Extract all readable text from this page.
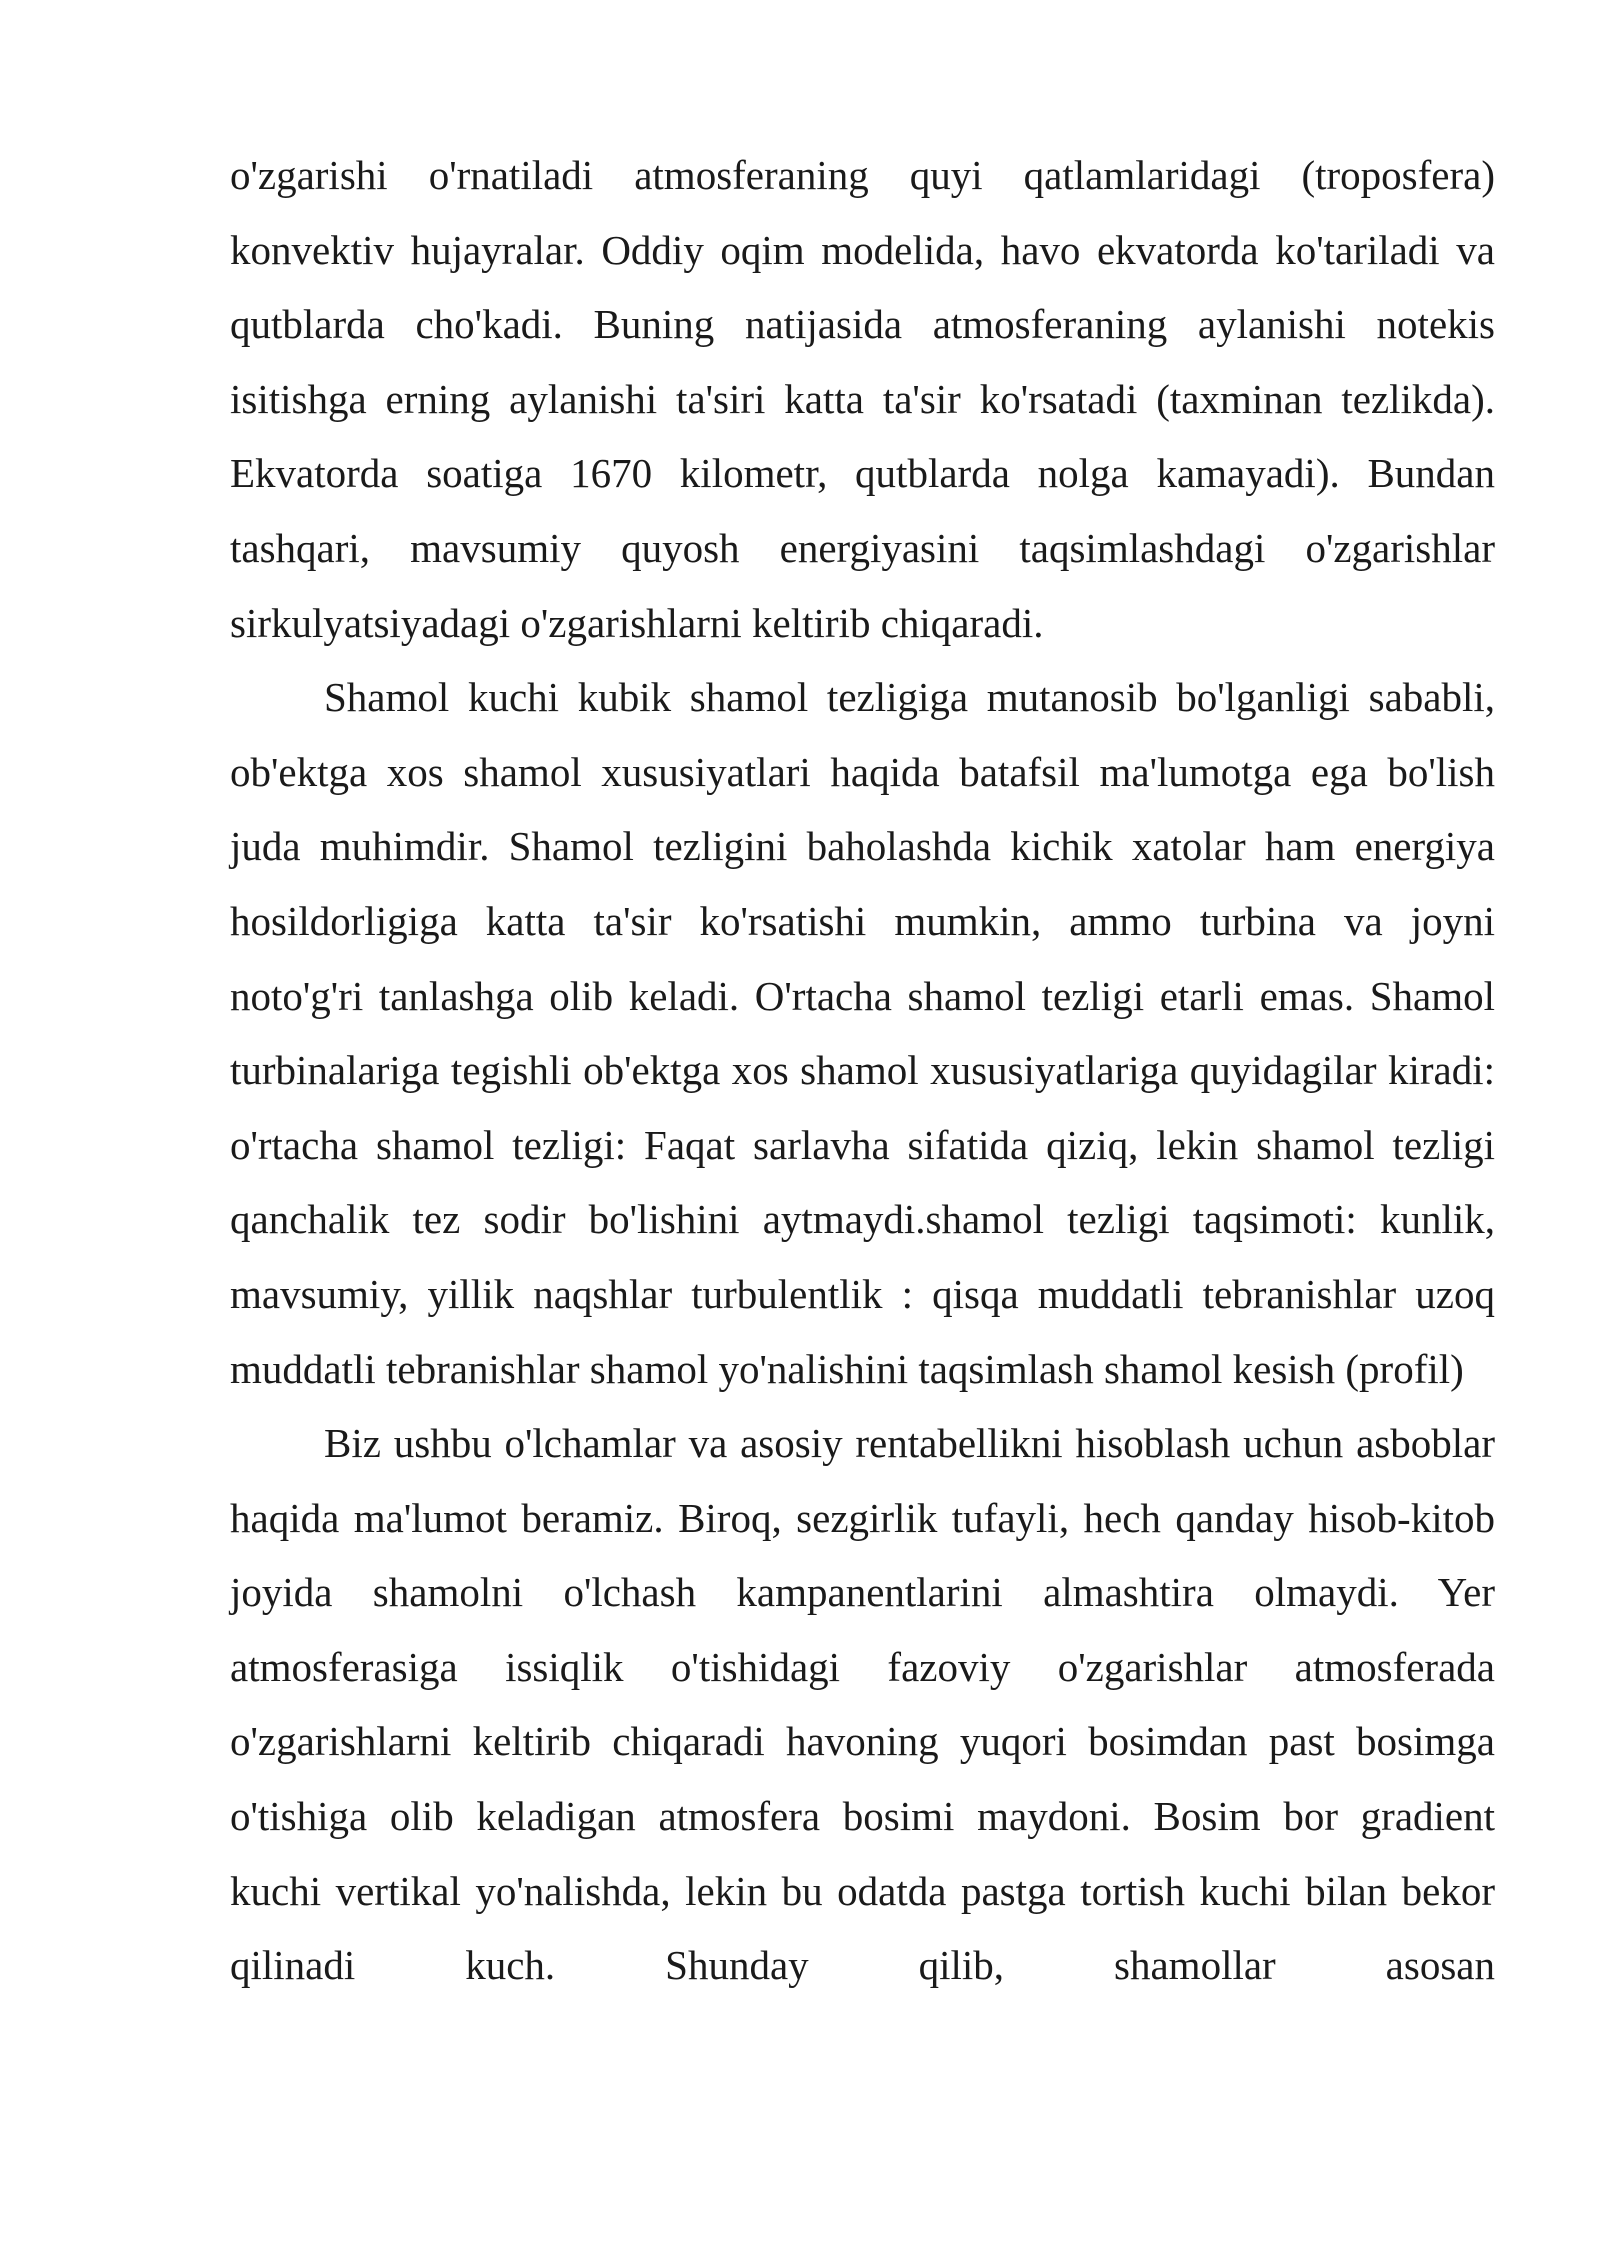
o'zgarishi o'rnatiladi atmosferaning quyi qatlamlaridagi (troposfera) konvektiv hujayralar. Oddiy oqim modelida, havo ekvatorda ko'tariladi va qutblarda cho'kadi. Buning natijasida atmosferaning aylanishi notekis isitishga erning aylanishi ta'siri katta ta'sir ko'rsatadi (taxminan tezlikda). Ekvatorda soatiga 1670 kilometr, qutblarda nolga kamayadi). Bundan tashqari, mavsumiy quyosh energiyasini taqsimlashdagi o'zgarishlar sirkulyatsiyadagi o'zgarishlarni keltirib chiqaradi.

Shamol kuchi kubik shamol tezligiga mutanosib bo'lganligi sababli, ob'ektga xos shamol xususiyatlari haqida batafsil ma'lumotga ega bo'lish juda muhimdir. Shamol tezligini baholashda kichik xatolar ham energiya hosildorligiga katta ta'sir ko'rsatishi mumkin, ammo turbina va joyni noto'g'ri tanlashga olib keladi. O'rtacha shamol tezligi etarli emas. Shamol turbinalariga tegishli ob'ektga xos shamol xususiyatlariga quyidagilar kiradi: o'rtacha shamol tezligi: Faqat sarlavha sifatida qiziq, lekin shamol tezligi qanchalik tez sodir bo'lishini aytmaydi.shamol tezligi taqsimoti: kunlik, mavsumiy, yillik naqshlar turbulentlik : qisqa muddatli tebranishlar uzoq muddatli tebranishlar shamol yo'nalishini taqsimlash shamol kesish (profil)

Biz ushbu o'lchamlar va asosiy rentabellikni hisoblash uchun asboblar haqida ma'lumot beramiz. Biroq, sezgirlik tufayli, hech qanday hisob-kitob joyida shamolni o'lchash kampanentlarini almashtira olmaydi. Yer atmosferasiga issiqlik o'tishidagi fazoviy o'zgarishlar atmosferada o'zgarishlarni keltirib chiqaradi havoning yuqori bosimdan past bosimga o'tishiga olib keladigan atmosfera bosimi maydoni. Bosim bor gradient kuchi vertikal yo'nalishda, lekin bu odatda pastga tortish kuchi bilan bekor qilinadi kuch. Shunday qilib, shamollar asosan
